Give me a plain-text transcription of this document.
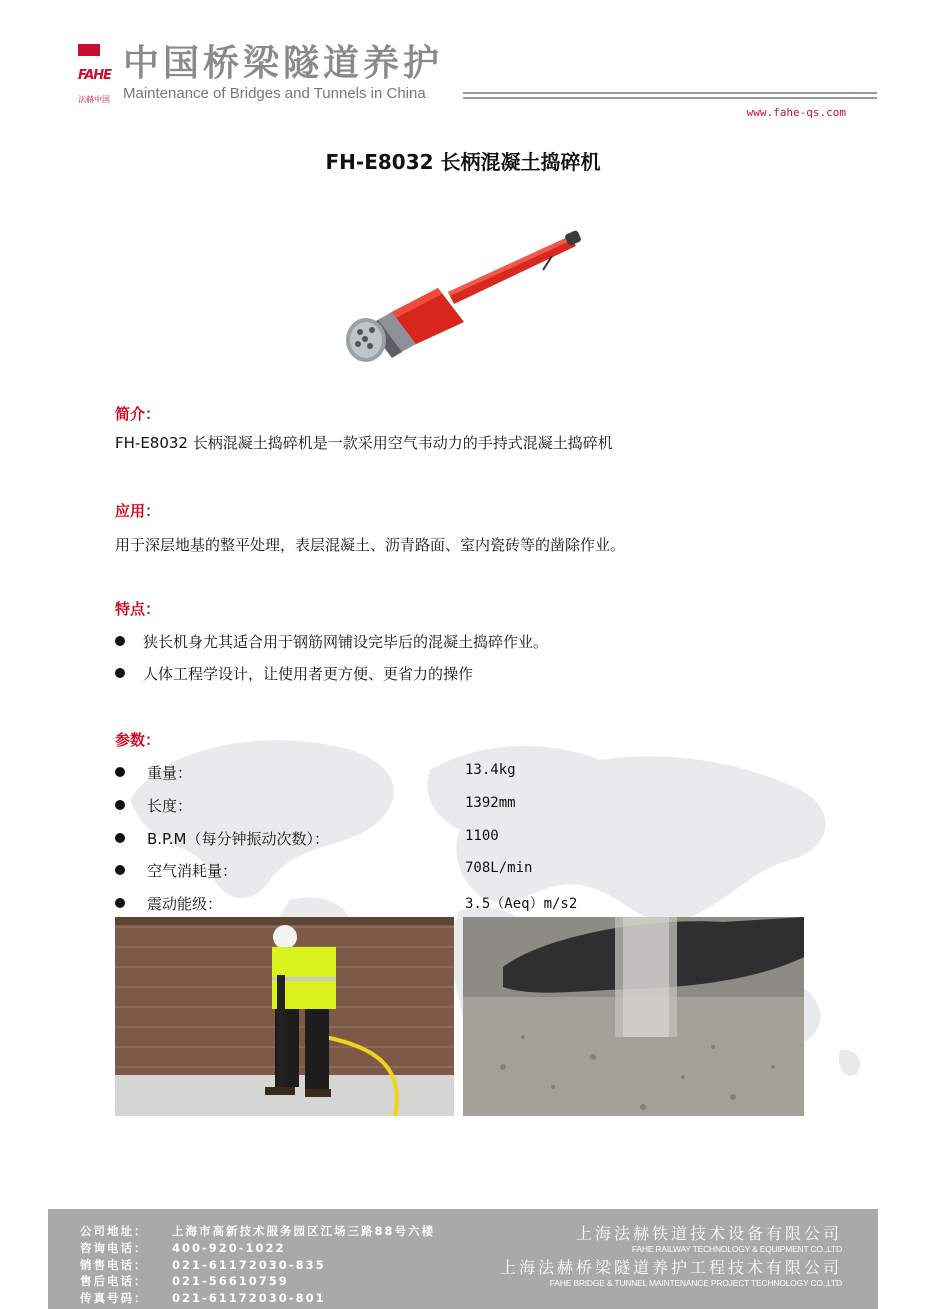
FAHE
法赫中国
中国桥梁隧道养护
Maintenance of Bridges and Tunnels in China
www.fahe-qs.com
FH-E8032 长柄混凝土捣碎机
简介：
FH-E8032 长柄混凝土捣碎机是一款采用空气韦动力的手持式混凝土捣碎机
应用：
用于深层地基的整平处理，表层混凝土、沥青路面、室内瓷砖等的凿除作业。
特点：
狭长机身尤其适合用于钢筋网铺设完毕后的混凝土捣碎作业。
人体工程学设计，让使用者更方便、更省力的操作
参数：
重量：	13.4kg
长度：	1392mm
B.P.M（每分钟振动次数）：	1100
空气消耗量：	708L/min
震动能级：	3.5（Aeq）m/s2
公司地址： 上海市高新技术服务园区江场三路88号六楼
咨询电话： 400-920-1022
销售电话： 021-61172030-835
售后电话： 021-56610759
传真号码： 021-61172030-801
上海法赫铁道技术设备有限公司
FAHE RAILWAY TECHNOLOGY & EQUIPMENT CO.,LTD
上海法赫桥梁隧道养护工程技术有限公司
FAHE BRIDGE & TUNNEL MAINTENANCE PROJECT TECHNOLOGY CO.,LTD
